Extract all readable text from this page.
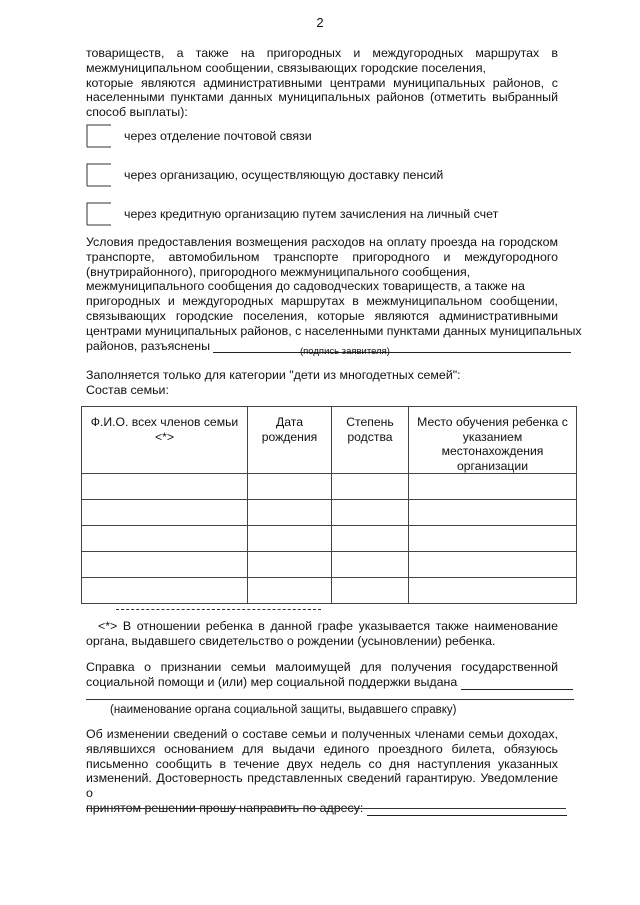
2
товариществ, а также на пригородных и междугородных маршрутах в
межмуниципальном сообщении, связывающих городские поселения,
которые являются административными центрами муниципальных районов, с
населенными пунктами данных муниципальных районов (отметить выбранный
способ выплаты):
через отделение почтовой связи
через организацию, осуществляющую доставку пенсий
через кредитную организацию путем зачисления на личный счет
Условия предоставления возмещения расходов на оплату проезда на городском
транспорте, автомобильном транспорте пригородного и междугородного
(внутрирайонного), пригородного межмуниципального сообщения,
межмуниципального сообщения до садоводческих товариществ, а также на
пригородных и междугородных маршрутах в межмуниципальном сообщении,
связывающих городские поселения, которые являются административными
центрами муниципальных районов, с населенными пунктами данных муниципальных
районов, разъяснены	(подпись заявителя)
Заполняется только для категории "дети из многодетных семей":
Состав семьи:
Ф.И.О. всех членов семьи <*>	Дата рождения	Степень родства	Место обучения ребенка с указанием местонахождения организации

<*> В отношении ребенка в данной графе указывается также наименование
органа, выдавшего свидетельство о рождении (усыновлении) ребенка.
Справка о признании семьи малоимущей для получения государственной
социальной помощи и (или) мер социальной поддержки выдана
(наименование органа социальной защиты, выдавшего справку)
Об изменении сведений о составе семьи и полученных членами семьи доходах,
являвшихся основанием для выдачи единого проездного билета, обязуюсь
письменно сообщить в течение двух недель со дня наступления указанных
изменений. Достоверность представленных сведений гарантирую. Уведомление о
принятом решении прошу направить по адресу:
